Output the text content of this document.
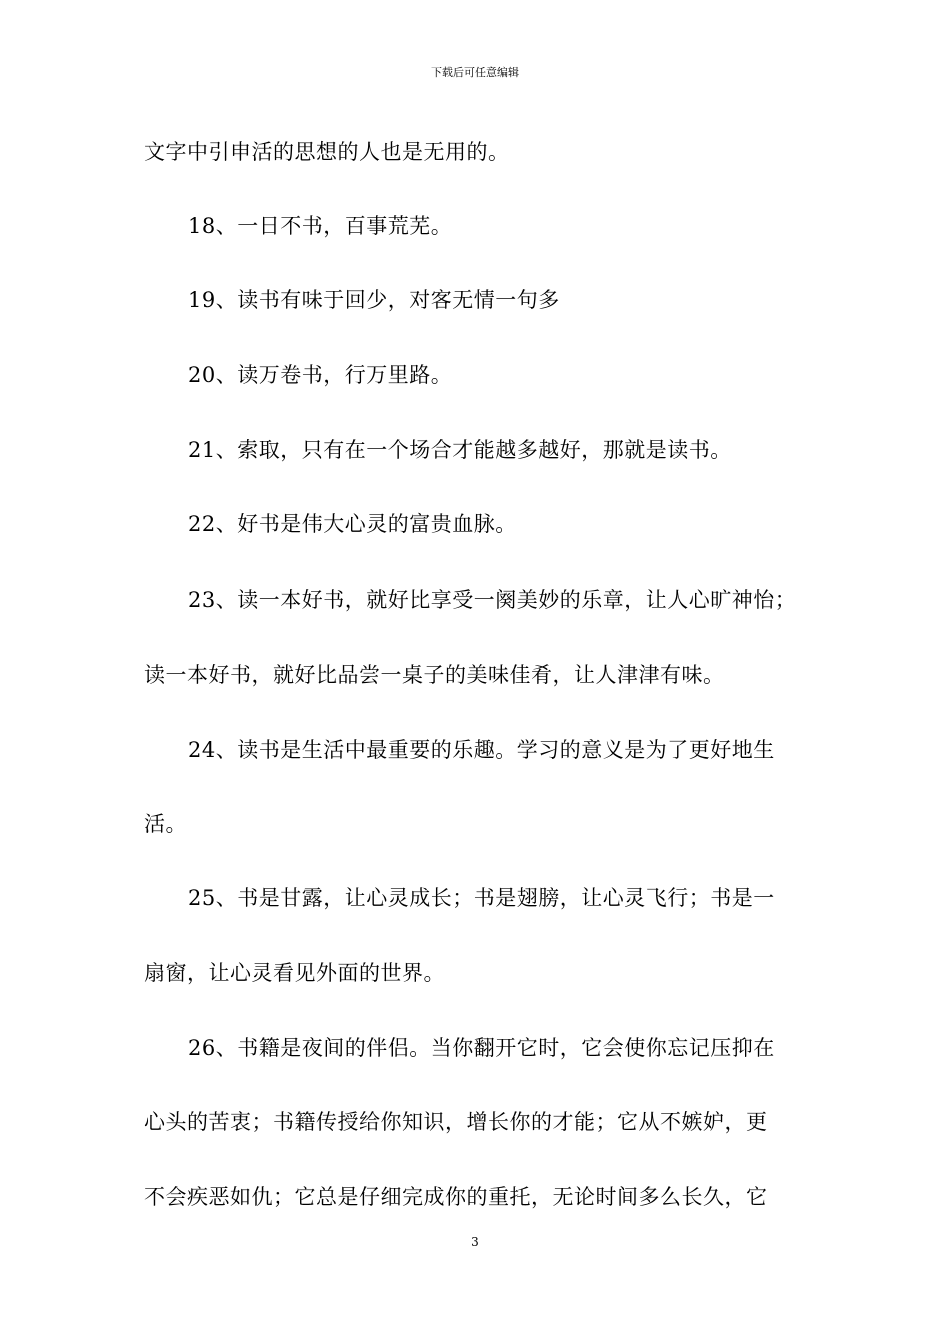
下载后可任意编辑
文字中引申活的思想的人也是无用的。
18、一日不书，百事荒芜。
19、读书有味于回少，对客无情一句多
20、读万卷书，行万里路。
21、索取，只有在一个场合才能越多越好，那就是读书。
22、好书是伟大心灵的富贵血脉。
23、读一本好书，就好比享受一阕美妙的乐章，让人心旷神怡；
读一本好书，就好比品尝一桌子的美味佳肴，让人津津有味。
24、读书是生活中最重要的乐趣。学习的意义是为了更好地生
活。
25、书是甘露，让心灵成长；书是翅膀，让心灵飞行；书是一
扇窗，让心灵看见外面的世界。
26、书籍是夜间的伴侣。当你翻开它时，它会使你忘记压抑在
心头的苦衷；书籍传授给你知识，增长你的才能；它从不嫉妒，更
不会疾恶如仇；它总是仔细完成你的重托，无论时间多么长久，它
3
